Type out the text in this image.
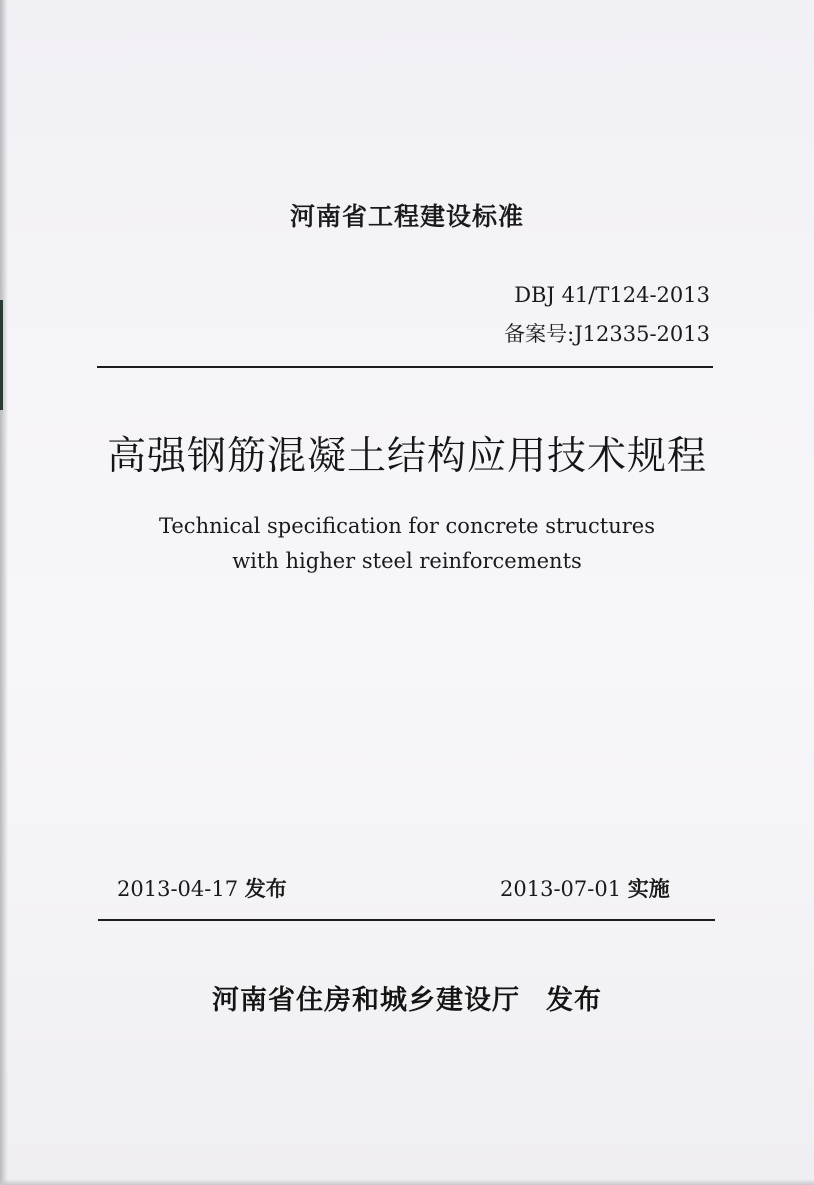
河南省工程建设标准
DBJ 41/T124-2013
备案号:J12335-2013
高强钢筋混凝土结构应用技术规程
Technical specification for concrete structures
with higher steel reinforcements
2013-04-17 发布	2013-07-01 实施
河南省住房和城乡建设厅 发布
